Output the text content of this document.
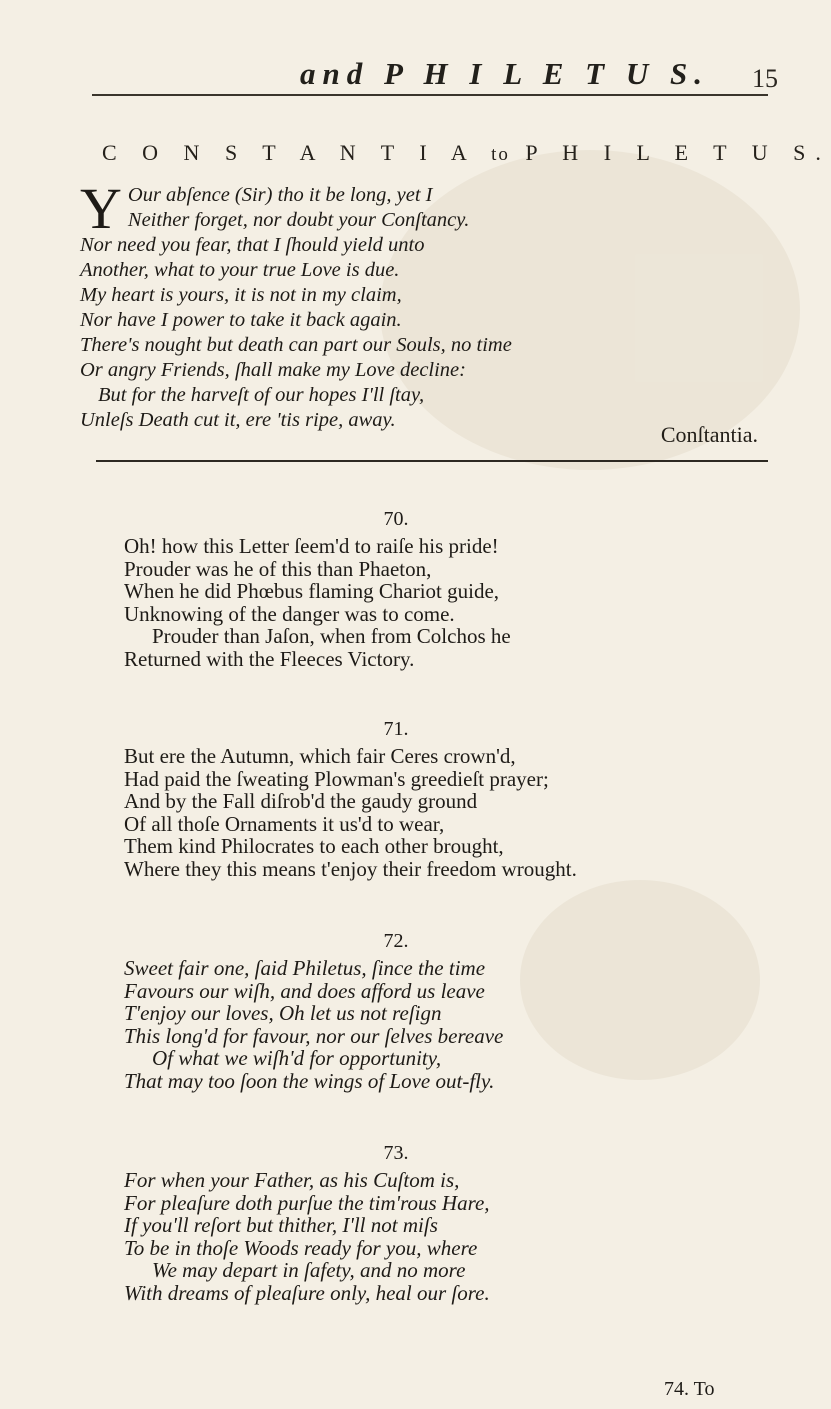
and P H I L E T U S. 15
C O N S T A N T I A to P H I L E T U S.
Y Our abſence (Sir) tho it be long, yet I
Neither forget, nor doubt your Conſtancy.
Nor need you fear, that I ſhould yield unto
Another, what to your true Love is due.
My heart is yours, it is not in my claim,
Nor have I power to take it back again.
There's nought but death can part our Souls, no time
Or angry Friends, ſhall make my Love decline:
But for the harveſt of our hopes I'll ſtay,
Unleſs Death cut it, ere 'tis ripe, away.
Conſtantia.
70.
Oh! how this Letter ſeem'd to raiſe his pride!
Prouder was he of this than Phaeton,
When he did Phœbus flaming Chariot guide,
Unknowing of the danger was to come.
Prouder than Jaſon, when from Colchos he
Returned with the Fleeces Victory.
71.
But ere the Autumn, which fair Ceres crown'd,
Had paid the ſweating Plowman's greedieſt prayer;
And by the Fall diſrob'd the gaudy ground
Of all thoſe Ornaments it us'd to wear,
Them kind Philocrates to each other brought,
Where they this means t'enjoy their freedom wrought.
72.
Sweet fair one, ſaid Philetus, ſince the time
Favours our wiſh, and does afford us leave
T'enjoy our loves, Oh let us not reſign
This long'd for favour, nor our ſelves bereave
Of what we wiſh'd for opportunity,
That may too ſoon the wings of Love out-fly.
73.
For when your Father, as his Cuſtom is,
For pleaſure doth purſue the tim'rous Hare,
If you'll reſort but thither, I'll not miſs
To be in thoſe Woods ready for you, where
We may depart in ſafety, and no more
With dreams of pleaſure only, heal our ſore.
74. To
